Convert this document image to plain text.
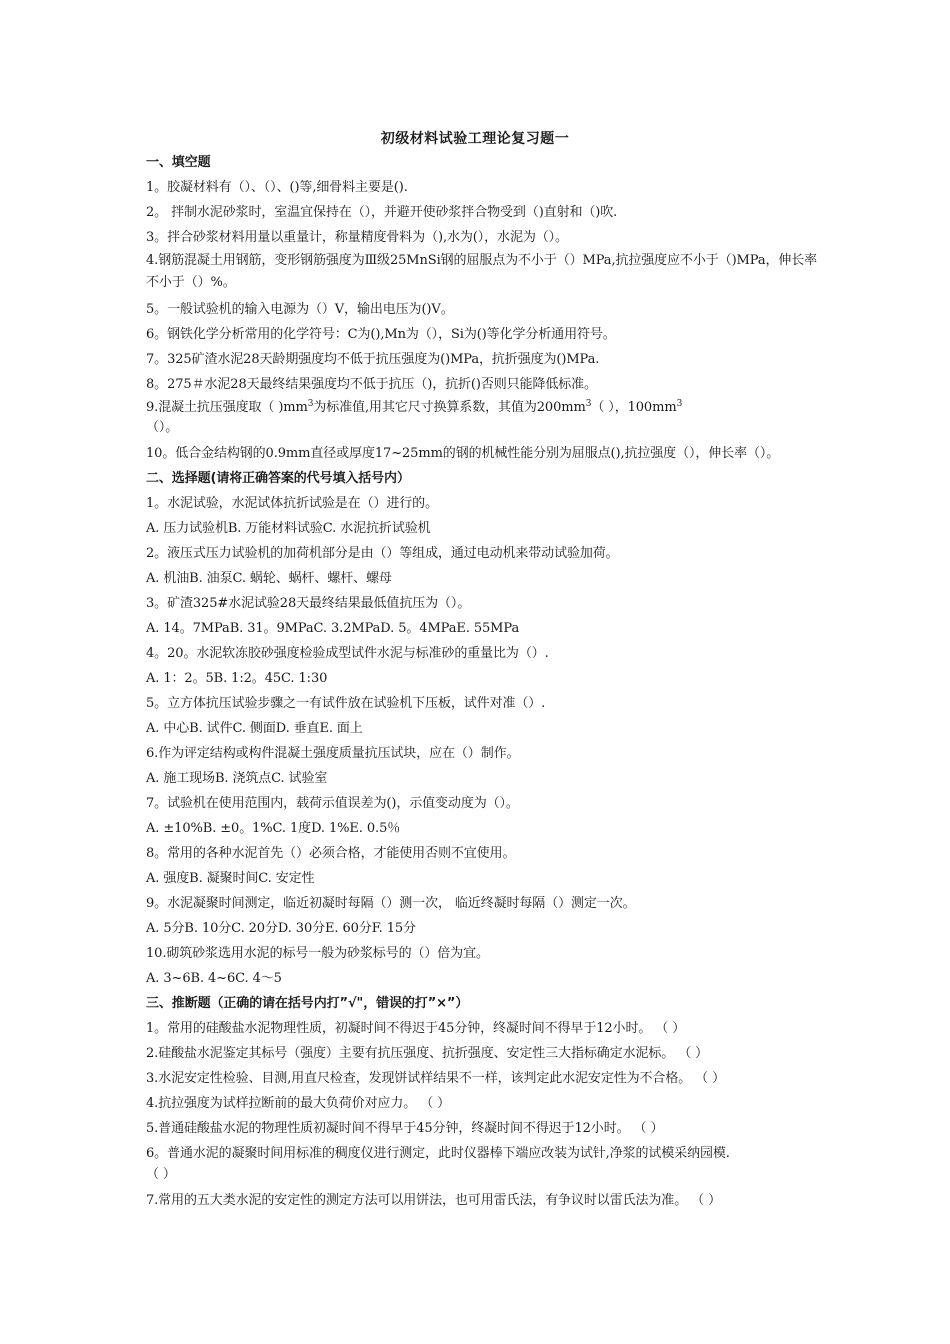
初级材料试验工理论复习题一
一、填空题
1。胶凝材料有（）、（）、()等,细骨料主要是().
2。 拌制水泥砂浆时，室温宜保持在（），并避开使砂浆拌合物受到（)直射和（)吹.
3。拌合砂浆材料用量以重量计，称量精度骨料为（),水为(），水泥为（）。
4.钢筋混凝土用钢筋，变形钢筋强度为Ⅲ级25MnSi钢的屈服点为不小于（）MPa,抗拉强度应不小于（)MPa，伸长率不小于（）%。
5。一般试验机的输入电源为（）V，输出电压为()V。
6。钢铁化学分析常用的化学符号：C为(),Mn为（），Si为()等化学分析通用符号。
7。325矿渣水泥28天龄期强度均不低于抗压强度为()MPa，抗折强度为()MPa.
8。275＃水泥28天最终结果强度均不低于抗压（)，抗折()否则只能降低标准。
9.混凝土抗压强度取（ )$mm^3$为标准值,用其它尺寸换算系数，其值为$200mm^3$（ ），$100mm^3$
（）。
10。低合金结构钢的0.9mm直径或厚度17~25mm的钢的机械性能分别为屈服点(),抗拉强度（），伸长率（）。
二、选择题(请将正确答案的代号填入括号内）
1。水泥试验，水泥试体抗折试验是在（）进行的。
A. 压力试验机B. 万能材料试验C. 水泥抗折试验机
2。液压式压力试验机的加荷机部分是由（）等组成，通过电动机来带动试验加荷。
A. 机油B. 油泵C. 蜗轮、蜗杆、螺杆、螺母
3。矿渣325#水泥试验28天最终结果最低值抗压为（）。
A. 14。7MPaB. 31。9MPaC. 3.2MPaD. 5。4MPaE. 55MPa
4。20。水泥软冻胶砂强度检验成型试件水泥与标准砂的重量比为（）.
A. 1：2。5B. 1:2。45C. 1:30
5。立方体抗压试验步骤之一有试件放在试验机下压板，试件对准（）.
A. 中心B. 试件C. 侧面D. 垂直E. 面上
6.作为评定结构或构件混凝土强度质量抗压试块，应在（）制作。
A. 施工现场B. 浇筑点C. 试验室
7。试验机在使用范围内，载荷示值误差为()，示值变动度为（）。
A. ±10%B. ±0。1%C. 1度D. 1%E. 0.5％
8。常用的各种水泥首先（）必须合格，才能使用否则不宜使用。
A. 强度B. 凝聚时间C. 安定性
9。水泥凝聚时间测定，临近初凝时每隔（）测一次， 临近终凝时每隔（）测定一次。
A. 5分B. 10分C. 20分D. 30分E. 60分F. 15分
10.砌筑砂浆选用水泥的标号一般为砂浆标号的（）倍为宜。
A. 3~6B. 4~6C. 4～5
三、推断题（正确的请在括号内打”√"，错误的打”×”）
1。常用的硅酸盐水泥物理性质，初凝时间不得迟于45分钟，终凝时间不得早于12小时。 （ ）
2.硅酸盐水泥鉴定其标号（强度）主要有抗压强度、抗折强度、安定性三大指标确定水泥标。 （ ）
3.水泥安定性检验、目测,用直尺检查，发现饼试样结果不一样，该判定此水泥安定性为不合格。 （ ）
4.抗拉强度为试样拉断前的最大负荷价对应力。 （ ）
5.普通硅酸盐水泥的物理性质初凝时间不得早于45分钟，终凝时间不得迟于12小时。 （ ）
6。普通水泥的凝聚时间用标准的稠度仪进行测定，此时仪器棒下端应改装为试针,净浆的试模采纳园模.
（ ）
7.常用的五大类水泥的安定性的测定方法可以用饼法，也可用雷氏法，有争议时以雷氏法为准。 （ ）
